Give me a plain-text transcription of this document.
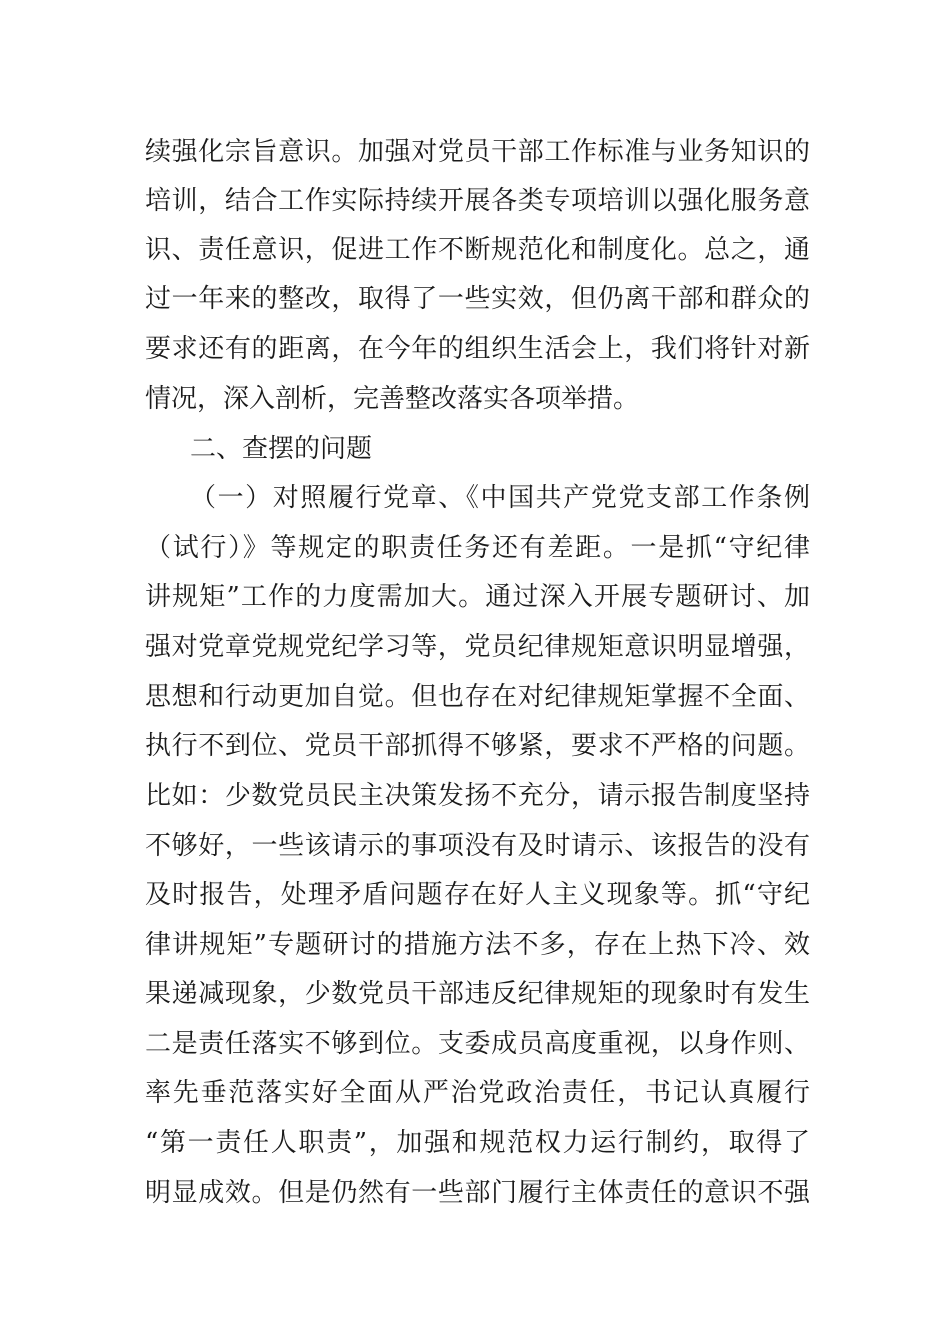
续强化宗旨意识。加强对党员干部工作标准与业务知识的
培训，结合工作实际持续开展各类专项培训以强化服务意
识、责任意识，促进工作不断规范化和制度化。总之，通
过一年来的整改，取得了一些实效，但仍离干部和群众的
要求还有的距离，在今年的组织生活会上，我们将针对新
情况，深入剖析，完善整改落实各项举措。
二、查摆的问题
（一）对照履行党章、《中国共产党党支部工作条例
（试行）》等规定的职责任务还有差距。一是抓“守纪律
讲规矩”工作的力度需加大。通过深入开展专题研讨、加
强对党章党规党纪学习等，党员纪律规矩意识明显增强，
思想和行动更加自觉。但也存在对纪律规矩掌握不全面、
执行不到位、党员干部抓得不够紧，要求不严格的问题。
比如：少数党员民主决策发扬不充分，请示报告制度坚持
不够好，一些该请示的事项没有及时请示、该报告的没有
及时报告，处理矛盾问题存在好人主义现象等。抓“守纪
律讲规矩”专题研讨的措施方法不多，存在上热下冷、效
果递减现象，少数党员干部违反纪律规矩的现象时有发生
二是责任落实不够到位。支委成员高度重视，以身作则、
率先垂范落实好全面从严治党政治责任，书记认真履行
“第一责任人职责”，加强和规范权力运行制约，取得了
明显成效。但是仍然有一些部门履行主体责任的意识不强
